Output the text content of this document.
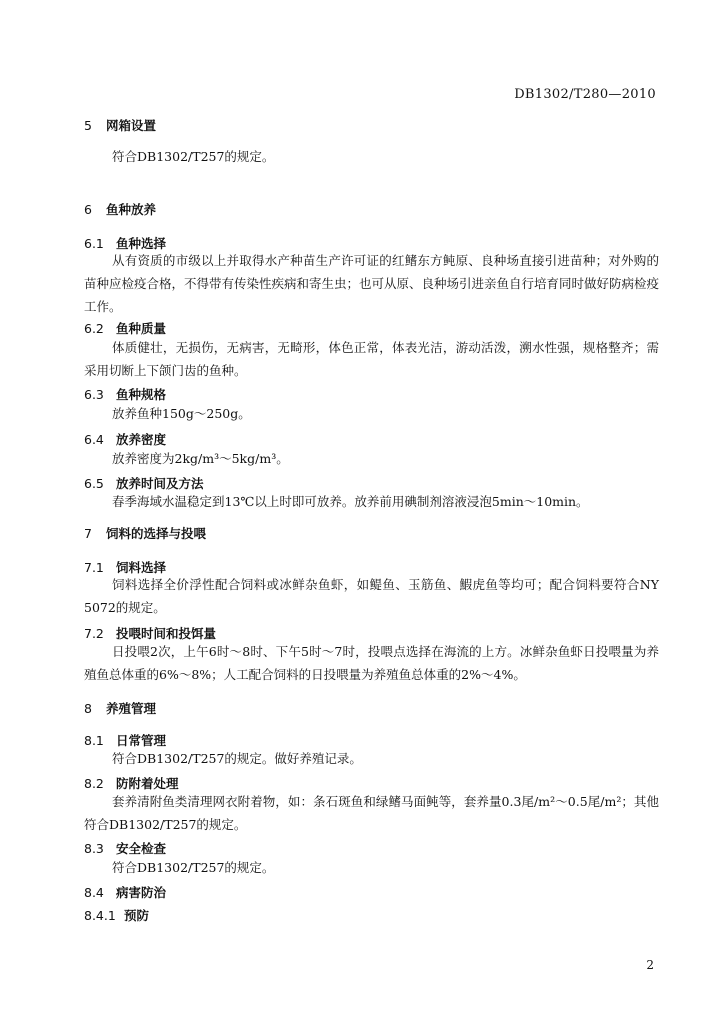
DB1302/T280—2010
5 网箱设置
符合DB1302/T257的规定。
6 鱼种放养
6.1 鱼种选择
从有资质的市级以上并取得水产种苗生产许可证的红鳍东方鲀原、良种场直接引进苗种；对外购的苗种应检疫合格，不得带有传染性疾病和寄生虫；也可从原、良种场引进亲鱼自行培育同时做好防病检疫工作。
6.2 鱼种质量
体质健壮，无损伤，无病害，无畸形，体色正常，体表光洁，游动活泼，溯水性强，规格整齐；需采用切断上下颌门齿的鱼种。
6.3 鱼种规格
放养鱼种150g～250g。
6.4 放养密度
放养密度为2kg/m³～5kg/m³。
6.5 放养时间及方法
春季海域水温稳定到13℃以上时即可放养。放养前用碘制剂溶液浸泡5min～10min。
7 饲料的选择与投喂
7.1 饲料选择
饲料选择全价浮性配合饲料或冰鲜杂鱼虾，如鳀鱼、玉筋鱼、鰕虎鱼等均可；配合饲料要符合NY 5072的规定。
7.2 投喂时间和投饵量
日投喂2次，上午6时～8时、下午5时～7时，投喂点选择在海流的上方。冰鲜杂鱼虾日投喂量为养殖鱼总体重的6%～8%；人工配合饲料的日投喂量为养殖鱼总体重的2%～4%。
8 养殖管理
8.1 日常管理
符合DB1302/T257的规定。做好养殖记录。
8.2 防附着处理
套养清附鱼类清理网衣附着物，如：条石斑鱼和绿鳍马面鲀等，套养量0.3尾/m²～0.5尾/m²；其他符合DB1302/T257的规定。
8.3 安全检查
符合DB1302/T257的规定。
8.4 病害防治
8.4.1 预防
2
